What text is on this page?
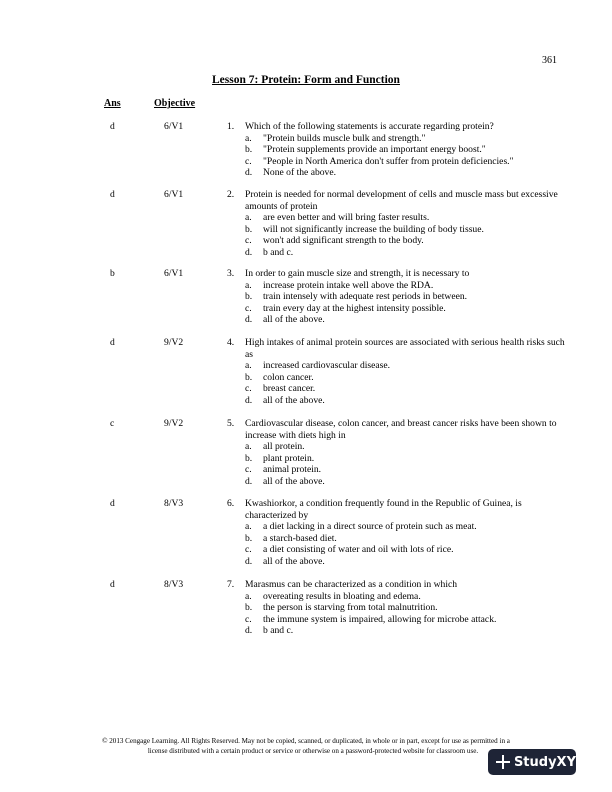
361
Lesson 7: Protein: Form and Function
Ans	Objective
d	6/V1	1. Which of the following statements is accurate regarding protein?
a. "Protein builds muscle bulk and strength."
b. "Protein supplements provide an important energy boost."
c. "People in North America don't suffer from protein deficiencies."
d. None of the above.
d	6/V1	2. Protein is needed for normal development of cells and muscle mass but excessive amounts of protein
a. are even better and will bring faster results.
b. will not significantly increase the building of body tissue.
c. won't add significant strength to the body.
d. b and c.
b	6/V1	3. In order to gain muscle size and strength, it is necessary to
a. increase protein intake well above the RDA.
b. train intensely with adequate rest periods in between.
c. train every day at the highest intensity possible.
d. all of the above.
d	9/V2	4. High intakes of animal protein sources are associated with serious health risks such as
a. increased cardiovascular disease.
b. colon cancer.
c. breast cancer.
d. all of the above.
c	9/V2	5. Cardiovascular disease, colon cancer, and breast cancer risks have been shown to increase with diets high in
a. all protein.
b. plant protein.
c. animal protein.
d. all of the above.
d	8/V3	6. Kwashiorkor, a condition frequently found in the Republic of Guinea, is characterized by
a. a diet lacking in a direct source of protein such as meat.
b. a starch-based diet.
c. a diet consisting of water and oil with lots of rice.
d. all of the above.
d	8/V3	7. Marasmus can be characterized as a condition in which
a. overeating results in bloating and edema.
b. the person is starving from total malnutrition.
c. the immune system is impaired, allowing for microbe attack.
d. b and c.
© 2013 Cengage Learning. All Rights Reserved. May not be copied, scanned, or duplicated, in whole or in part, except for use as permitted in a
license distributed with a certain product or service or otherwise on a password-protected website for classroom use.
StudyXY
